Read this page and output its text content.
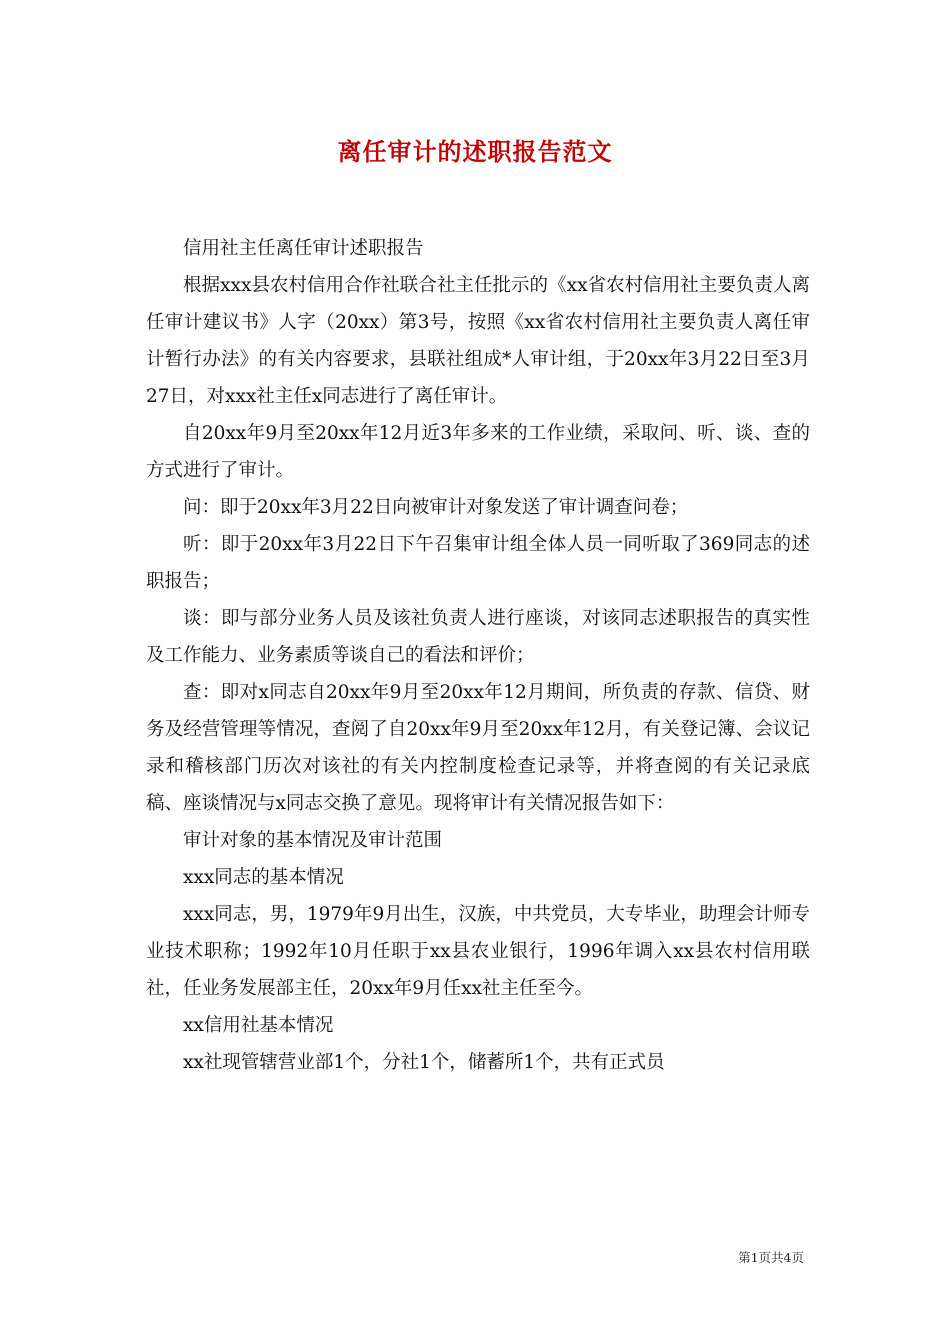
离任审计的述职报告范文

信用社主任离任审计述职报告

根据xxx县农村信用合作社联合社主任批示的《xx省农村信用社主要负责人离任审计建议书》人字（20xx）第3号，按照《xx省农村信用社主要负责人离任审计暂行办法》的有关内容要求，县联社组成*人审计组，于20xx年3月22日至3月27日，对xxx社主任x同志进行了离任审计。

自20xx年9月至20xx年12月近3年多来的工作业绩，采取问、听、谈、查的方式进行了审计。

问：即于20xx年3月22日向被审计对象发送了审计调查问卷；

听：即于20xx年3月22日下午召集审计组全体人员一同听取了369同志的述职报告；

谈：即与部分业务人员及该社负责人进行座谈，对该同志述职报告的真实性及工作能力、业务素质等谈自己的看法和评价；

查：即对x同志自20xx年9月至20xx年12月期间，所负责的存款、信贷、财务及经营管理等情况，查阅了自20xx年9月至20xx年12月，有关登记簿、会议记录和稽核部门历次对该社的有关内控制度检查记录等，并将查阅的有关记录底稿、座谈情况与x同志交换了意见。现将审计有关情况报告如下：

审计对象的基本情况及审计范围

xxx同志的基本情况

xxx同志，男，1979年9月出生，汉族，中共党员，大专毕业，助理会计师专业技术职称；1992年10月任职于xx县农业银行，1996年调入xx县农村信用联社，任业务发展部主任，20xx年9月任xx社主任至今。

xx信用社基本情况

xx社现管辖营业部1个，分社1个，储蓄所1个，共有正式员

第1页共4页
